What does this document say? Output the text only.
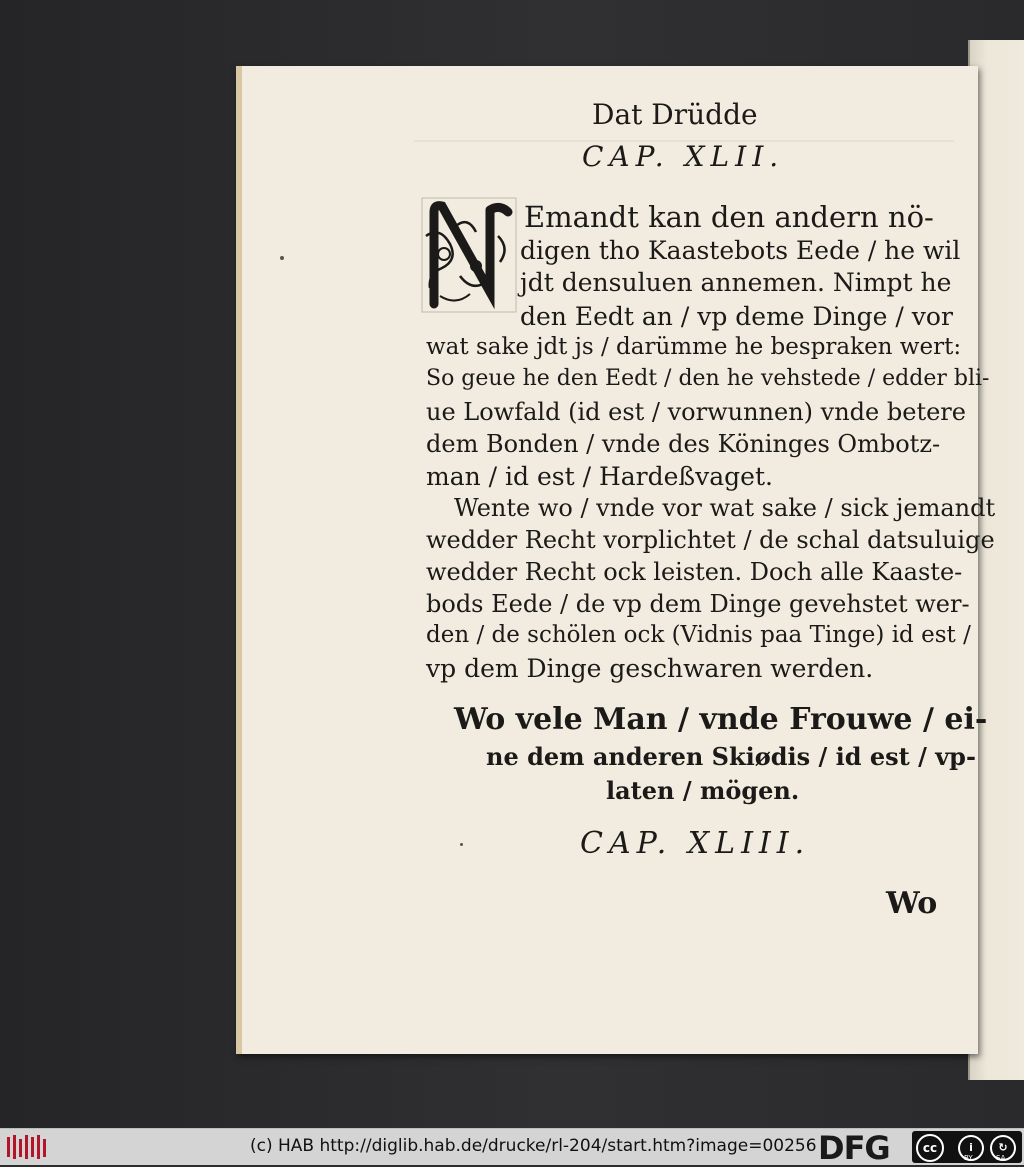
Dat Drüdde
CAP. XLII.
Emandt kan den andern nö-
digen tho Kaastebots Eede / he wil
jdt densuluen annemen. Nimpt he
den Eedt an / vp deme Dinge / vor
wat sake jdt js / darümme he bespraken wert:
So geue he den Eedt / den he vehstede / edder bli-
ue Lowfald (id est / vorwunnen) vnde betere
dem Bonden / vnde des Köninges Ombotz-
man / id est / Hardeßvaget.
Wente wo / vnde vor wat sake / sick jemandt
wedder Recht vorplichtet / de schal datsuluige
wedder Recht ock leisten. Doch alle Kaaste-
bods Eede / de vp dem Dinge gevehstet wer-
den / de schölen ock (Vidnis paa Tinge) id est /
vp dem Dinge geschwaren werden.
Wo vele Man / vnde Frouwe / ei-
ne dem anderen Skiødis / id est / vp-
laten / mögen.
CAP. XLIII.
Wo
(c) HAB http://diglib.hab.de/drucke/rl-204/start.htm?image=00256 DFG	cc	i	↻
BY	SA
